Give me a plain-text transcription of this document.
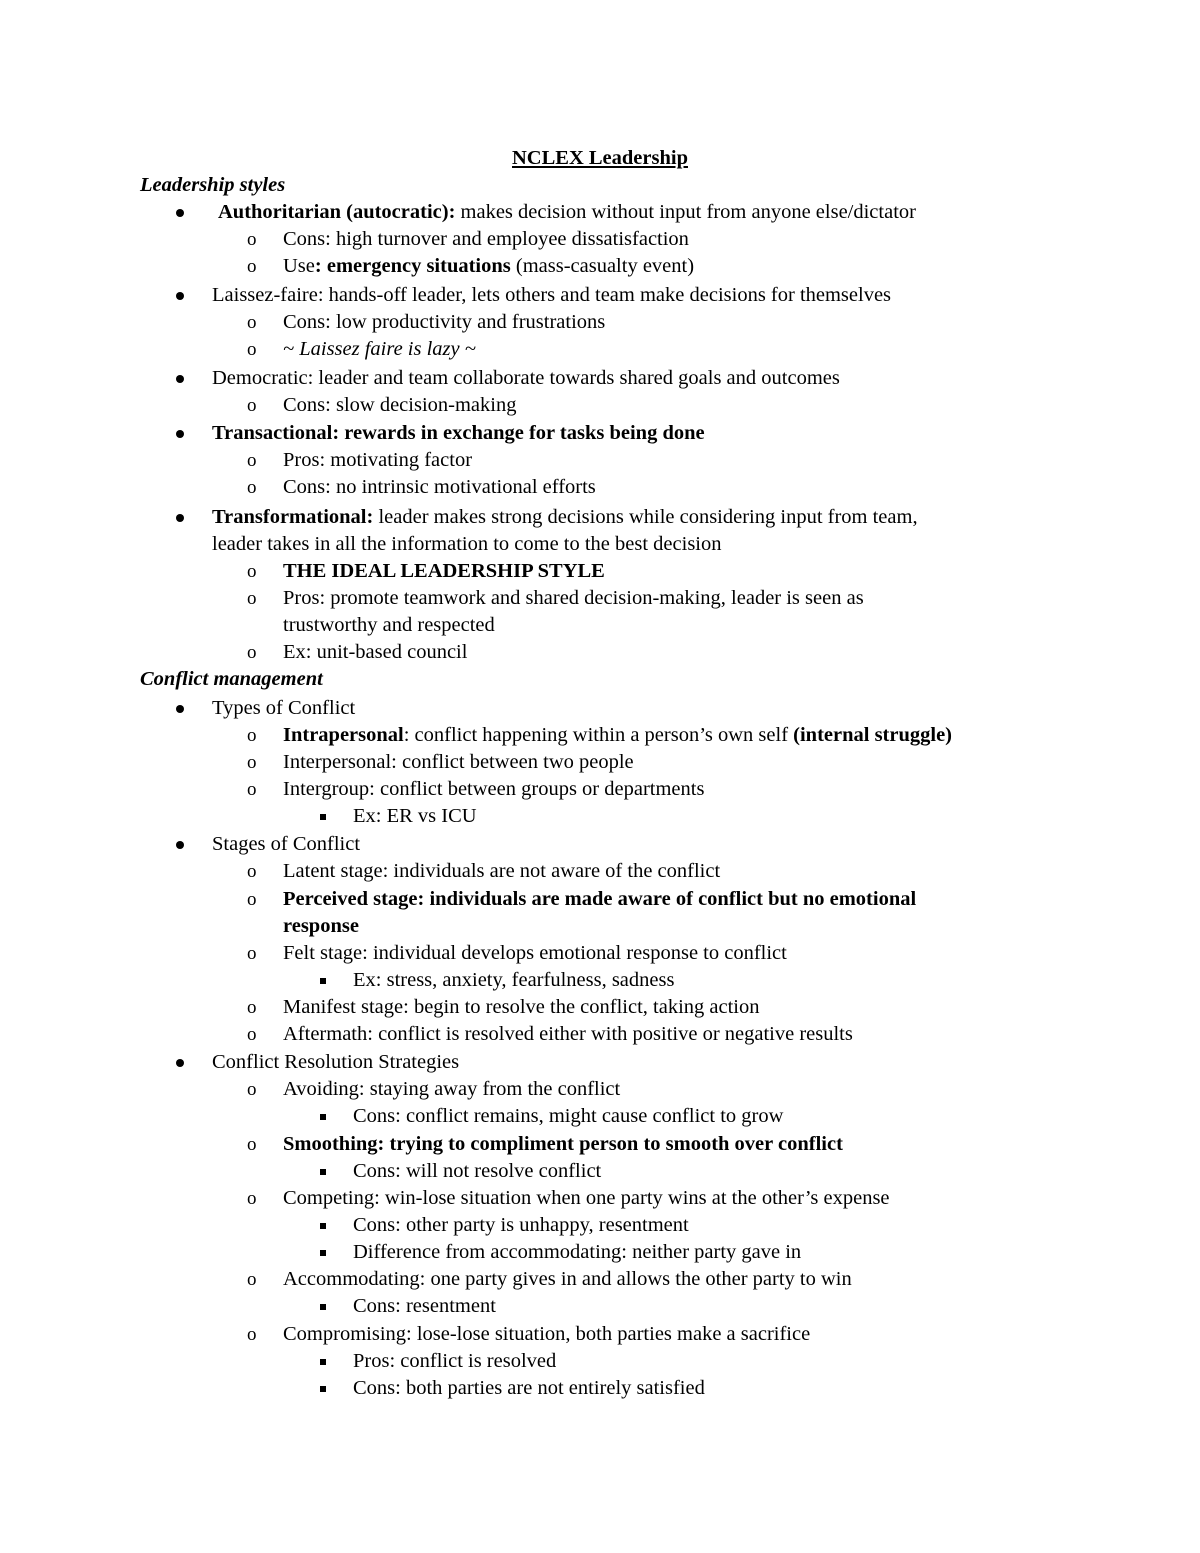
NCLEX Leadership
Leadership styles
Authoritarian (autocratic): makes decision without input from anyone else/dictator
o Cons: high turnover and employee dissatisfaction
o Use: emergency situations (mass-casualty event)
Laissez-faire: hands-off leader, lets others and team make decisions for themselves
o Cons: low productivity and frustrations
o ~ Laissez faire is lazy ~
Democratic: leader and team collaborate towards shared goals and outcomes
o Cons: slow decision-making
Transactional: rewards in exchange for tasks being done
o Pros: motivating factor
o Cons: no intrinsic motivational efforts
Transformational: leader makes strong decisions while considering input from team,
leader takes in all the information to come to the best decision
o THE IDEAL LEADERSHIP STYLE
o Pros: promote teamwork and shared decision-making, leader is seen as
trustworthy and respected
o Ex: unit-based council
Conflict management
Types of Conflict
o Intrapersonal: conflict happening within a person’s own self (internal struggle)
o Interpersonal: conflict between two people
o Intergroup: conflict between groups or departments
Ex: ER vs ICU
Stages of Conflict
o Latent stage: individuals are not aware of the conflict
o Perceived stage: individuals are made aware of conflict but no emotional
response
o Felt stage: individual develops emotional response to conflict
Ex: stress, anxiety, fearfulness, sadness
o Manifest stage: begin to resolve the conflict, taking action
o Aftermath: conflict is resolved either with positive or negative results
Conflict Resolution Strategies
o Avoiding: staying away from the conflict
Cons: conflict remains, might cause conflict to grow
o Smoothing: trying to compliment person to smooth over conflict
Cons: will not resolve conflict
o Competing: win-lose situation when one party wins at the other’s expense
Cons: other party is unhappy, resentment
Difference from accommodating: neither party gave in
o Accommodating: one party gives in and allows the other party to win
Cons: resentment
o Compromising: lose-lose situation, both parties make a sacrifice
Pros: conflict is resolved
Cons: both parties are not entirely satisfied
